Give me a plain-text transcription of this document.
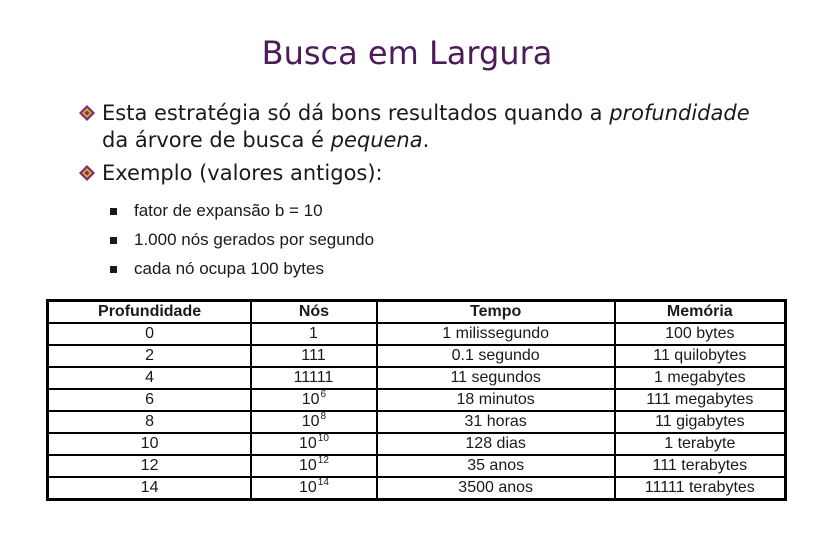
Busca em Largura
Esta estratégia só dá bons resultados quando a profundidade da árvore de busca é pequena.
Exemplo (valores antigos):
fator de expansão b = 10
1.000 nós gerados por segundo
cada nó ocupa 100 bytes
Profundidade	Nós	Tempo	Memória
0	1	1 milissegundo	100 bytes
2	111	0.1 segundo	11 quilobytes
4	11111	11 segundos	1 megabytes
6	$10^6$	18 minutos	111 megabytes
8	$10^8$	31 horas	11 gigabytes
10	$10^{10}$	128 dias	1 terabyte
12	$10^{12}$	35 anos	111 terabytes
14	$10^{14}$	3500 anos	11111 terabytes
